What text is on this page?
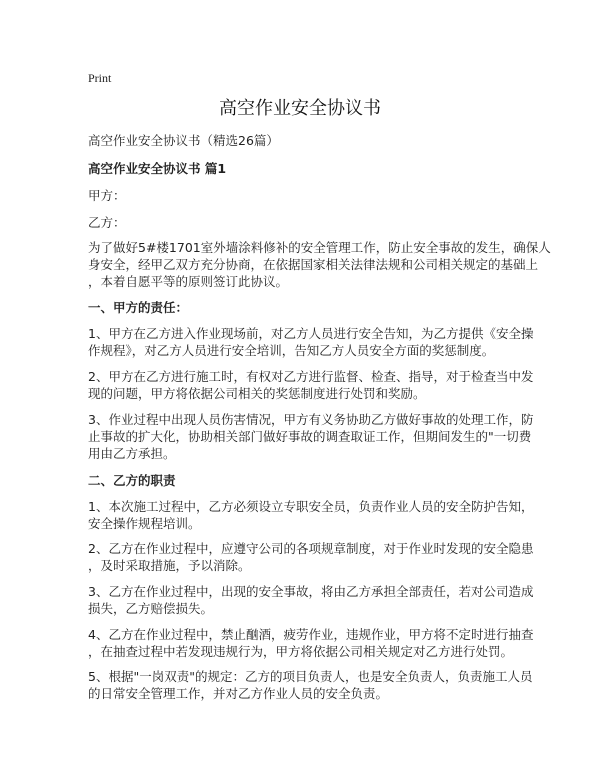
Print
高空作业安全协议书
高空作业安全协议书（精选26篇）
高空作业安全协议书 篇1
甲方：
乙方：
为了做好5#楼1701室外墙涂料修补的安全管理工作，防止安全事故的发生，确保人
身安全，经甲乙双方充分协商，在依据国家相关法律法规和公司相关规定的基础上
，本着自愿平等的原则签订此协议。
一、甲方的责任：
1、甲方在乙方进入作业现场前，对乙方人员进行安全告知，为乙方提供《安全操
作规程》，对乙方人员进行安全培训，告知乙方人员安全方面的奖惩制度。
2、甲方在乙方进行施工时，有权对乙方进行监督、检查、指导，对于检查当中发
现的问题，甲方将依据公司相关的奖惩制度进行处罚和奖励。
3、作业过程中出现人员伤害情况，甲方有义务协助乙方做好事故的处理工作，防
止事故的扩大化，协助相关部门做好事故的调查取证工作，但期间发生的"一切费
用由乙方承担。
二、乙方的职责
1、本次施工过程中，乙方必须设立专职安全员，负责作业人员的安全防护告知，
安全操作规程培训。
2、乙方在作业过程中，应遵守公司的各项规章制度，对于作业时发现的安全隐患
，及时采取措施，予以消除。
3、乙方在作业过程中，出现的安全事故，将由乙方承担全部责任，若对公司造成
损失，乙方赔偿损失。
4、乙方在作业过程中，禁止酗酒，疲劳作业，违规作业，甲方将不定时进行抽查
，在抽查过程中若发现违规行为，甲方将依据公司相关规定对乙方进行处罚。
5、根据"一岗双责"的规定：乙方的项目负责人，也是安全负责人，负责施工人员
的日常安全管理工作，并对乙方作业人员的安全负责。
